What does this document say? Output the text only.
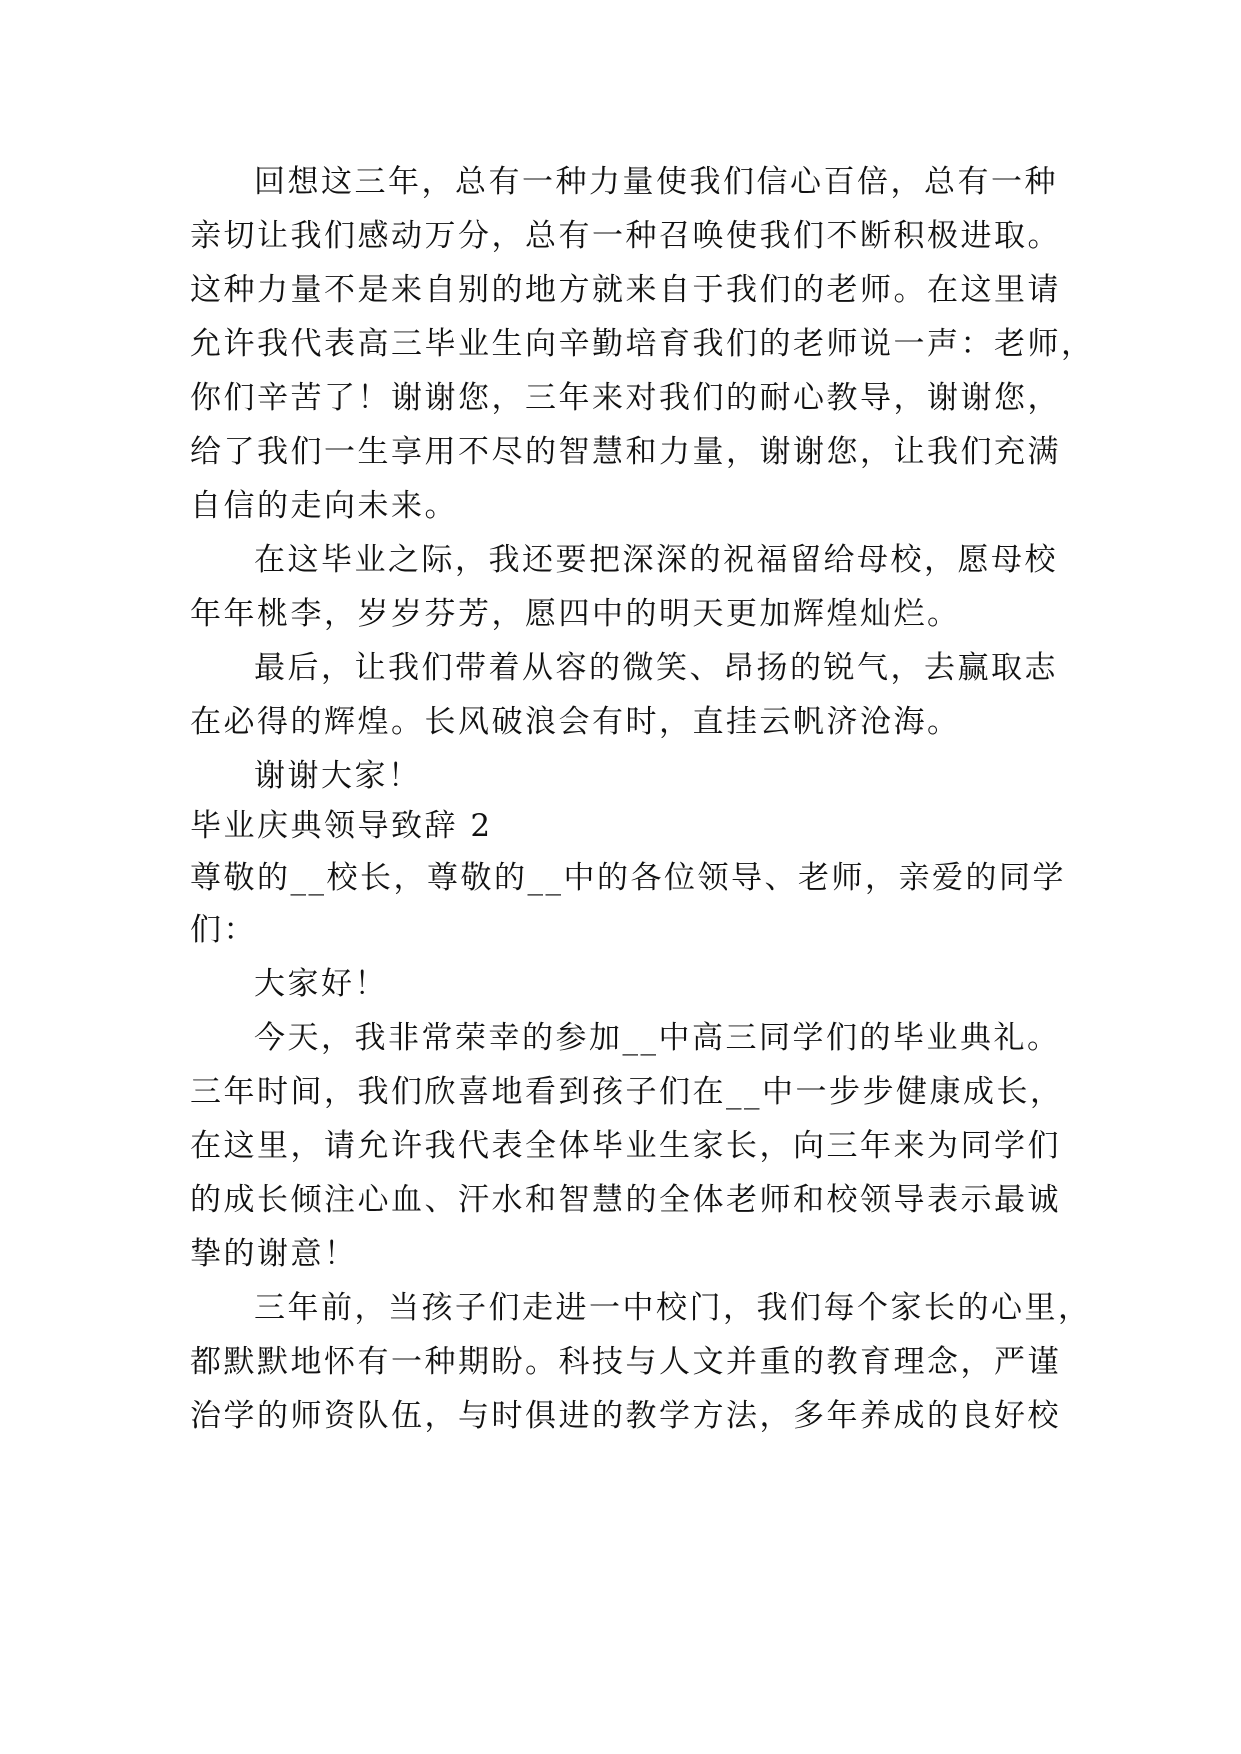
回想这三年，总有一种力量使我们信心百倍，总有一种
亲切让我们感动万分，总有一种召唤使我们不断积极进取。
这种力量不是来自别的地方就来自于我们的老师。在这里请
允许我代表高三毕业生向辛勤培育我们的老师说一声：老师，
你们辛苦了！谢谢您，三年来对我们的耐心教导，谢谢您，
给了我们一生享用不尽的智慧和力量，谢谢您，让我们充满
自信的走向未来。
在这毕业之际，我还要把深深的祝福留给母校，愿母校
年年桃李，岁岁芬芳，愿四中的明天更加辉煌灿烂。
最后，让我们带着从容的微笑、昂扬的锐气，去赢取志
在必得的辉煌。长风破浪会有时，直挂云帆济沧海。
谢谢大家！
毕业庆典领导致辞 2
尊敬的__校长，尊敬的__中的各位领导、老师，亲爱的同学
们：
大家好！
今天，我非常荣幸的参加__中高三同学们的毕业典礼。
三年时间，我们欣喜地看到孩子们在__中一步步健康成长，
在这里，请允许我代表全体毕业生家长，向三年来为同学们
的成长倾注心血、汗水和智慧的全体老师和校领导表示最诚
挚的谢意！
三年前，当孩子们走进一中校门，我们每个家长的心里，
都默默地怀有一种期盼。科技与人文并重的教育理念，严谨
治学的师资队伍，与时俱进的教学方法，多年养成的良好校
